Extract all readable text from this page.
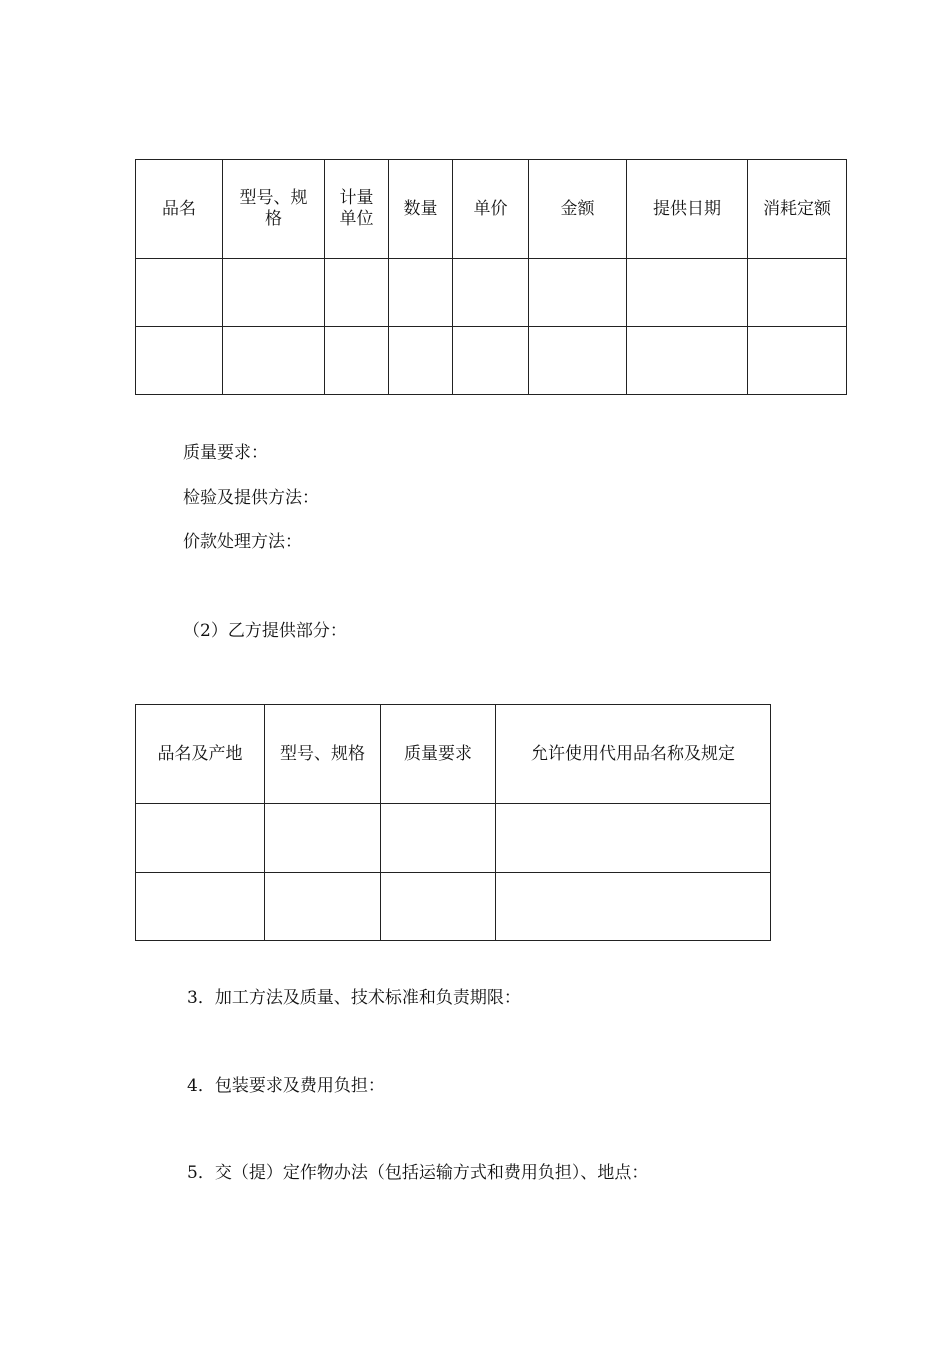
品名	型号、规格	计量单位	数量	单价	金额	提供日期	消耗定额

质量要求：
检验及提供方法：
价款处理方法：
（2）乙方提供部分：
品名及产地	型号、规格	质量要求	允许使用代用品名称及规定

3．加工方法及质量、技术标准和负责期限：
4．包装要求及费用负担：
5．交（提）定作物办法（包括运输方式和费用负担）、地点：
